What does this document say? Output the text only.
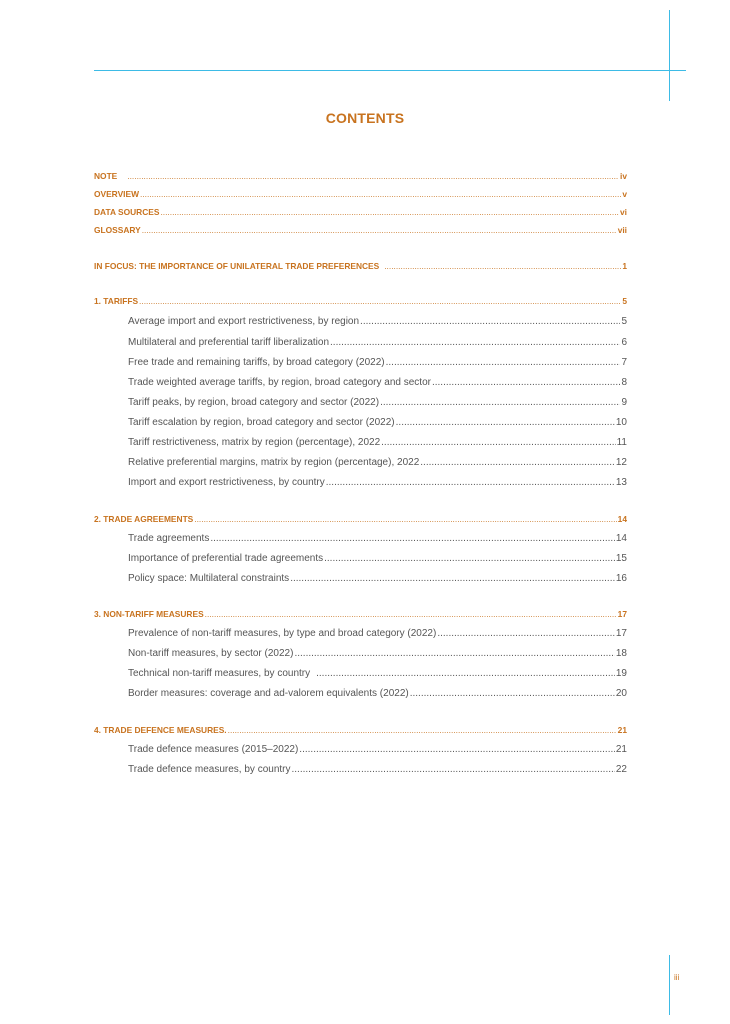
CONTENTS
NOTE .....	iv
OVERVIEW .....	v
DATA SOURCES .....	vi
GLOSSARY .....	vii
IN FOCUS: THE IMPORTANCE OF UNILATERAL TRADE PREFERENCES .....	1
1. TARIFFS .....	5
Average import and export restrictiveness, by region .....	5
Multilateral and preferential tariff liberalization .....	6
Free trade and remaining tariffs, by broad category (2022) .....	7
Trade weighted average tariffs, by region, broad category and sector .....	8
Tariff peaks, by region, broad category and sector (2022) .....	9
Tariff escalation by region, broad category and sector (2022) .....	10
Tariff restrictiveness, matrix by region (percentage), 2022 .....	11
Relative preferential margins, matrix by region (percentage), 2022 .....	12
Import and export restrictiveness, by country .....	13
2. TRADE AGREEMENTS .....	14
Trade agreements .....	14
Importance of preferential trade agreements .....	15
Policy space: Multilateral constraints .....	16
3. NON-TARIFF MEASURES .....	17
Prevalence of non-tariff measures, by type and broad category (2022) .....	17
Non-tariff measures, by sector (2022) .....	18
Technical non-tariff measures, by country .....	19
Border measures: coverage and ad-valorem equivalents (2022) .....	20
4. TRADE DEFENCE MEASURES. .....	21
Trade defence measures (2015–2022) .....	21
Trade defence measures, by country .....	22
iii
